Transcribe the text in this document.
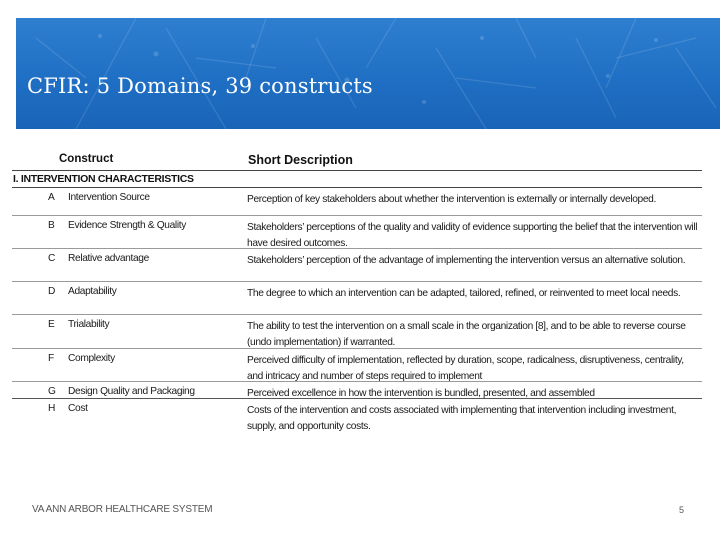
CFIR: 5 Domains, 39 constructs
Construct	Short Description
I. INTERVENTION CHARACTERISTICS
A Intervention Source	Perception of key stakeholders about whether the intervention is externally or internally developed.
B Evidence Strength & Quality	Stakeholders’ perceptions of the quality and validity of evidence supporting the belief that the intervention will have desired outcomes.
C Relative advantage	Stakeholders’ perception of the advantage of implementing the intervention versus an alternative solution.
D Adaptability	The degree to which an intervention can be adapted, tailored, refined, or reinvented to meet local needs.
E Trialability	The ability to test the intervention on a small scale in the organization [8], and to be able to reverse course (undo implementation) if warranted.
F Complexity	Perceived difficulty of implementation, reflected by duration, scope, radicalness, disruptiveness, centrality, and intricacy and number of steps required to implement
G Design Quality and Packaging	Perceived excellence in how the intervention is bundled, presented, and assembled
H Cost	Costs of the intervention and costs associated with implementing that intervention including investment, supply, and opportunity costs.
VA ANN ARBOR HEALTHCARE SYSTEM	5
